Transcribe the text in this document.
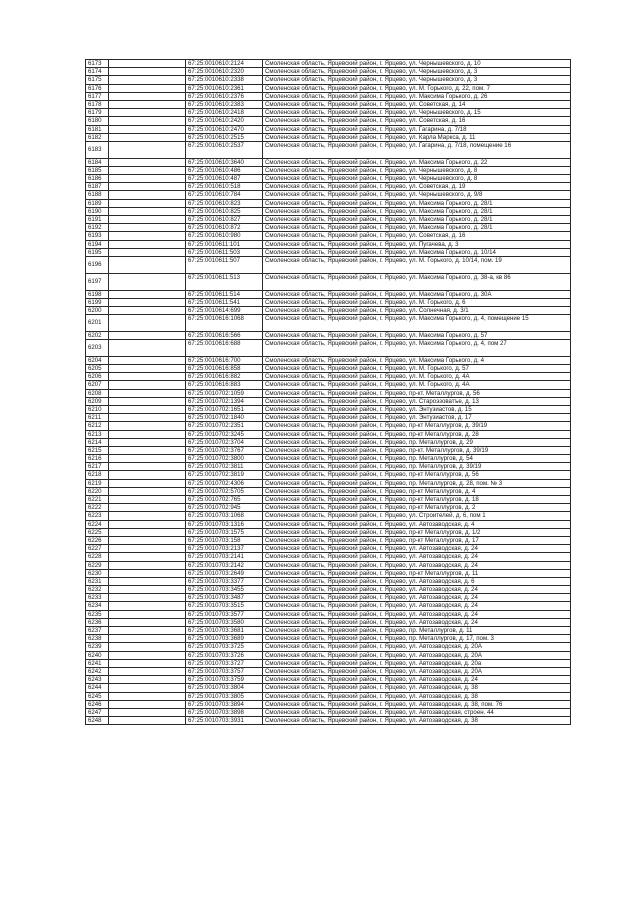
6173		67:25:0010610:2124	Смоленская область, Ярцевский район, г. Ярцево, ул. Чернышевского, д. 10
6174		67:25:0010610:2320	Смоленская область, Ярцевский район, г. Ярцево, ул. Чернышевского, д. 3
6175		67:25:0010610:2338	Смоленская область, Ярцевский район, г. Ярцево, ул. Чернышевского, д. 3
6176		67:25:0010610:2361	Смоленская область, Ярцевский район, г. Ярцево, ул. М. Горького, д. 22, пом. 7
6177		67:25:0010610:2376	Смоленская область, Ярцевский район, г. Ярцево, ул. Максима Горького, д. 26
6178		67:25:0010610:2383	Смоленская область, Ярцевский район, г. Ярцево, ул. Советская, д. 14
6179		67:25:0010610:2418	Смоленская область, Ярцевский район, г. Ярцево, ул. Чернышевского, д. 15
6180		67:25:0010610:2420	Смоленская область, Ярцевский район, г. Ярцево, ул. Советская, д. 16
6181		67:25:0010610:2470	Смоленская область, Ярцевский район, г. Ярцево, ул. Гагарина, д. 7/18
6182		67:25:0010610:2515	Смоленская область, Ярцевский район, г. Ярцево, ул. Карла Маркса, д. 11
6183		67:25:0010610:2537	Смоленская область, Ярцевский район, г. Ярцево, ул. Гагарина, д. 7/18, помещение 16
6184		67:25:0010610:3640	Смоленская область, Ярцевский район, г. Ярцево, ул. Максима Горького, д. 22
6185		67:25:0010610:486	Смоленская область, Ярцевский район, г. Ярцево, ул. Чернышевского, д. 8
6186		67:25:0010610:487	Смоленская область, Ярцевский район, г. Ярцево, ул. Чернышевского, д. 8
6187		67:25:0010610:518	Смоленская область, Ярцевский район, г. Ярцево, ул. Советская, д. 19
6188		67:25:0010610:784	Смоленская область, Ярцевский район, г. Ярцево, ул. Чернышевского, д. 9/8
6189		67:25:0010610:823	Смоленская область, Ярцевский район, г. Ярцево, ул. Максима Горького, д. 28/1
6190		67:25:0010610:825	Смоленская область, Ярцевский район, г. Ярцево, ул. Максима Горького, д. 28/1
6191		67:25:0010610:827	Смоленская область, Ярцевский район, г. Ярцево, ул. Максима Горького, д. 28/1
6192		67:25:0010610:872	Смоленская область, Ярцевский район, г. Ярцево, ул. Максима Горького, д. 28/1
6193		67:25:0010610:980	Смоленская область, Ярцевский район, г. Ярцево, ул. Советская, д. 16
6194		67:25:0010611:101	Смоленская область, Ярцевский район, г. Ярцево, ул. Пугачева, д. 3
6195		67:25:0010611:503	Смоленская область, Ярцевский район, г. Ярцево, ул. Максима Горького, д. 10/14
6196		67:25:0010611:507	Смоленская область, Ярцевский район, г. Ярцево, ул. М. Горького, д. 10/14, пом. 19
6197		67:25:0010611:513	Смоленская область, Ярцевский район, г. Ярцево, ул. Максима Горького, д. 38-а, кв 86
6198		67:25:0010611:514	Смоленская область, Ярцевский район, г. Ярцево, ул. Максима Горького, д. 30А
6199		67:25:0010611:541	Смоленская область, Ярцевский район, г. Ярцево, ул. М. Горького, д. 6
6200		67:25:0010614:699	Смоленская область, Ярцевский район, г. Ярцево, ул. Солнечная, д. 3/1
6201		67:25:0010616:1068	Смоленская область, Ярцевский район, г. Ярцево, ул. Максима Горького, д. 4, помещение 15
6202		67:25:0010616:566	Смоленская область, Ярцевский район, г. Ярцево, ул. Максима Горького, д. 57
6203		67:25:0010616:688	Смоленская область, Ярцевский район, г. Ярцево, ул. Максима Горького, д. 4, пом 27
6204		67:25:0010616:700	Смоленская область, Ярцевский район, г. Ярцево, ул. Максима Горького, д. 4
6205		67:25:0010616:858	Смоленская область, Ярцевский район, г. Ярцево, ул. М. Горького, д. 57
6206		67:25:0010616:882	Смоленская область, Ярцевский район, г. Ярцево, ул. М. Горького, д. 4А
6207		67:25:0010616:883	Смоленская область, Ярцевский район, г. Ярцево, ул. М. Горького, д. 4А
6208		67:25:0010702:1059	Смоленская область, Ярцевский район, г. Ярцево, пр-кт. Металлургов, д. 56
6209		67:25:0010702:1394	Смоленская область, Ярцевский район, г. Ярцево, ул. Староэзоватъе, д. 13
6210		67:25:0010702:1651	Смоленская область, Ярцевский район, г. Ярцево, ул. Энтузиастов, д. 15
6211		67:25:0010702:1840	Смоленская область, Ярцевский район, г. Ярцево, ул. Энтузиастов, д. 17
6212		67:25:0010702:2351	Смоленская область, Ярцевский район, г. Ярцево, пр-кт Металлургов, д. 39/19
6213		67:25:0010702:3245	Смоленская область, Ярцевский район, г. Ярцево, пр-кт Металлургов, д. 28
6214		67:25:0010702:3704	Смоленская область, Ярцевский район, г. Ярцево, пр. Металлургов, д. 29
6215		67:25:0010702:3767	Смоленская область, Ярцевский район, г. Ярцево, пр-кт. Металлургов, д. 39/19
6216		67:25:0010702:3800	Смоленская область, Ярцевский район, г. Ярцево, пр. Металлургов, д. 54
6217		67:25:0010702:3811	Смоленская область, Ярцевский район, г. Ярцево, пр. Металлургов, д. 39/19
6218		67:25:0010702:3819	Смоленская область, Ярцевский район, г. Ярцево, пр-кт Металлургов, д. 56
6219		67:25:0010702:4306	Смоленская область, Ярцевский район, г. Ярцево, пр. Металлургов, д. 28, пом. № 3
6220		67:25:0010702:5705	Смоленская область, Ярцевский район, г. Ярцево, пр-кт Металлургов, д. 4
6221		67:25:0010702:765	Смоленская область, Ярцевский район, г. Ярцево, пр-кт Металлургов, д. 18
6222		67:25:0010702:945	Смоленская область, Ярцевский район, г. Ярцево, пр-кт Металлургов, д. 2
6223		67:25:0010703:1068	Смоленская область, Ярцевский район, г. Ярцево, ул. Строителей, д. 6, пом 1
6224		67:25:0010703:1316	Смоленская область, Ярцевский район, г. Ярцево, ул. Автозаводская, д. 4
6225		67:25:0010703:1575	Смоленская область, Ярцевский район, г. Ярцево, пр-кт Металлургов, д. 1/2
6226		67:25:0010703:158	Смоленская область, Ярцевский район, г. Ярцево, пр-кт Металлургов, д. 17
6227		67:25:0010703:2137	Смоленская область, Ярцевский район, г. Ярцево, ул. Автозаводская, д. 24
6228		67:25:0010703:2141	Смоленская область, Ярцевский район, г. Ярцево, ул. Автозаводская, д. 24
6229		67:25:0010703:2142	Смоленская область, Ярцевский район, г. Ярцево, ул. Автозаводская, д. 24
6230		67:25:0010703:2649	Смоленская область, Ярцевский район, г. Ярцево, пр-кт Металлургов, д. 11
6231		67:25:0010703:3377	Смоленская область, Ярцевский район, г. Ярцево, ул. Автозаводская, д. 6
6232		67:25:0010703:3455	Смоленская область, Ярцевский район, г. Ярцево, ул. Автозаводская, д. 24
6233		67:25:0010703:3487	Смоленская область, Ярцевский район, г. Ярцево, ул. Автозаводская, д. 24
6234		67:25:0010703:3515	Смоленская область, Ярцевский район, г. Ярцево, ул. Автозаводская, д. 24
6235		67:25:0010703:3577	Смоленская область, Ярцевский район, г. Ярцево, ул. Автозаводская, д. 24
6236		67:25:0010703:3580	Смоленская область, Ярцевский район, г. Ярцево, ул. Автозаводская, д. 24
6237		67:25:0010703:3681	Смоленская область, Ярцевский район, г. Ярцево, пр. Металлургов, д. 11
6238		67:25:0010703:3689	Смоленская область, Ярцевский район, г. Ярцево, пр. Металлургов, д. 17, пом. 3
6239		67:25:0010703:3725	Смоленская область, Ярцевский район, г. Ярцево, ул. Автозаводская, д. 20А
6240		67:25:0010703:3726	Смоленская область, Ярцевский район, г. Ярцево, ул. Автозаводская, д. 20А
6241		67:25:0010703:3727	Смоленская область, Ярцевский район, г. Ярцево, ул. Автозаводская, д. 20а
6242		67:25:0010703:3757	Смоленская область, Ярцевский район, г. Ярцево, ул. Автозаводская, д. 20А
6243		67:25:0010703:3759	Смоленская область, Ярцевский район, г. Ярцево, ул. Автозаводская, д. 24
6244		67:25:0010703:3804	Смоленская область, Ярцевский район, г. Ярцево, ул. Автозаводская, д. 38
6245		67:25:0010703:3805	Смоленская область, Ярцевский район, г. Ярцево, ул. Автозаводская, д. 38
6246		67:25:0010703:3894	Смоленская область, Ярцевский район, г. Ярцево, ул. Автозаводская, д. 38, пом. 76
6247		67:25:0010703:3898	Смоленская область, Ярцевский район, г. Ярцево, ул. Автозаводская, строен. 44
6248		67:25:0010703:3931	Смоленская область, Ярцевский район, г. Ярцево, ул. Автозаводская, д. 38
